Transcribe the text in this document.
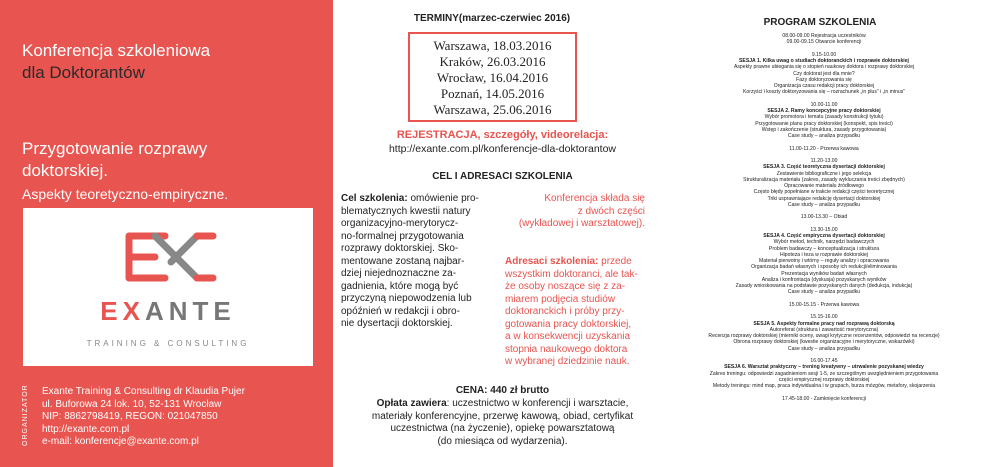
Konferencja szkoleniowa
dla Doktorantów
Przygotowanie rozprawy
doktorskiej.
Aspekty teoretyczno-empiryczne.
EXANTE
TRAINING & CONSULTING
ORGANIZATOR Exante Training & Consulting dr Klaudia Pujer
ul. Buforowa 24 lok. 10, 52-131 Wrocław
NIP: 8862798419, REGON: 021047850
http://exante.com.pl
e-mail: konferencje@exante.com.pl
TERMINY(marzec-czerwiec 2016)
Warszawa, 18.03.2016
Kraków, 26.03.2016
Wrocław, 16.04.2016
Poznań, 14.05.2016
Warszawa, 25.06.2016
REJESTRACJA, szczegóły, videorelacja:
http://exante.com.pl/konferencje-dla-doktorantow
CEL I ADRESACI SZKOLENIA
Cel szkolenia: omówienie pro-
blematycznych kwestii natury
organizacyjno-merytorycz-
no-formalnej przygotowania
rozprawy doktorskiej. Sko-
mentowane zostaną najbar-
dziej niejednoznaczne za-
gadnienia, które mogą być
przyczyną niepowodzenia lub
opóźnień w redakcji i obro-
nie dysertacji doktorskiej.
Konferencja składa się
z dwóch części
(wykładowej i warsztatowej).
Adresaci szkolenia: przede
wszystkim doktoranci, ale tak-
że osoby noszące się z za-
miarem podjęcia studiów
doktoranckich i próby przy-
gotowania pracy doktorskiej,
a w konsekwencji uzyskania
stopnia naukowego doktora
w wybranej dziedzinie nauk.
CENA: 440 zł brutto
Opłata zawiera: uczestnictwo w konferencji i warsztacie,
materiały konferencyjne, przerwę kawową, obiad, certyfikat
uczestnictwa (na życzenie), opiekę powarsztatową
(do miesiąca od wydarzenia).
PROGRAM SZKOLENIA
08.00-09.00 Rejestracja uczestników
09.00-09.15 Otwarcie konferencji
9.15-10.00
SESJA 1. Kilka uwag o studiach doktoranckich i rozprawie doktorskiej
Aspekty prawne ubiegania się o stopień naukowy doktora i rozprawy doktorskiej
Czy doktorat jest dla mnie?
Fazy doktoryzowania się
Organizacja czasu redakcji pracy doktorskiej
Korzyści i koszty doktoryzowania się – rozrachunek „in plus” i „in minus”
10.00-11.00
SESJA 2. Ramy koncepcyjne pracy doktorskiej
Wybór promotora i tematu (zasady konstrukcji tytułu)
Przygotowanie planu pracy doktorskiej (konspekt, spis treści)
Wstęp i zakończenie (struktura, zasady przygotowania)
Case study – analiza przypadku
11.00-11.20 - Przerwa kawowa
11.20-13.00
SESJA 3. Część teoretyczna dysertacji doktorskiej
Zestawienie bibliograficzne i jego selekcja
Strukturalizacja materiału (zakres, zasady wykluczania treści zbędnych)
Opracowanie materiału źródłowego
Często błędy popełniane w trakcie redakcji części teoretycznej
Triki usprawniające redakcję dysertacji doktorskiej
Case study – analiza przypadku
13.00-13.30 – Obiad
13.30-15.00
SESJA 4. Część empiryczna dysertacji doktorskiej
Wybór metod, technik, narzędzi badawczych
Problem badawczy – konceptualizacja i struktura
Hipoteza i teza w rozprawie doktorskiej
Materiał pierwotny i wtórny – reguły analizy i opracowania
Organizacja badań własnych i sposoby ich redukcji/eliminowania
Prezentacja wyników badań własnych
Analiza i konfrontacja (dyskusja) pozyskanych wyników
Zasady wnioskowania na podstawie pozyskanych danych (dedukcja, indukcja)
Case study – analiza przypadku
15.00-15.15 - Przerwa kawowa
15.15-16.00
SESJA 5. Aspekty formalne pracy nad rozprawą doktorską
Autoreferat (struktura i zawartość merytoryczna)
Recenzja rozprawy doktorskiej (mierniki oceny, uwagi krytyczne recenzentów, odpowiedzi na recenzje)
Obrona rozprawy doktorskiej (kwestie organizacyjne i merytoryczne, wskazówki)
Case study – analiza przypadku
16.00-17.45
SESJA 6. Warsztat praktyczny – trening kreatywny – utrwalenie pozyskanej wiedzy
Zakres treningu: odpowiedzi zagadnieniom sesji 1-5, ze szczególnym uwzględnieniem przygotowania
części empirycznej rozprawy doktorskiej
Metody treningu: mind map, praca indywidualna i w grupach, burza mózgów, metafory, skojarzenia
17.45-18.00 - Zamknięcie konferencji
